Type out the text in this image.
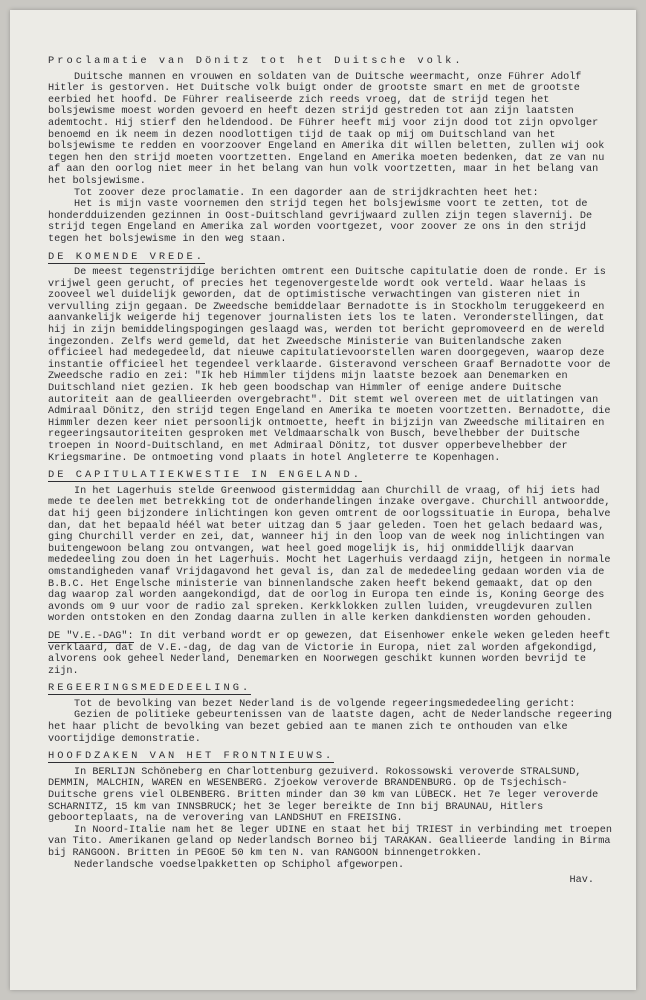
Proclamatie van Dönitz tot het Duitsche volk.

Duitsche mannen en vrouwen en soldaten van de Duitsche weermacht, onze Führer Adolf Hitler is gestorven. Het Duitsche volk buigt onder de grootste smart en met de grootste eerbied het hoofd. De Führer realiseerde zich reeds vroeg, dat de strijd tegen het bolsjewisme moest worden gevoerd en heeft dezen strijd gestreden tot aan zijn laatsten ademtocht. Hij stierf den heldendood. De Führer heeft mij voor zijn dood tot zijn opvolger benoemd en ik neem in dezen noodlottigen tijd de taak op mij om Duitschland van het bolsjewisme te redden en voorzoover Engeland en Amerika dit willen beletten, zullen wij ook tegen hen den strijd moeten voortzetten. Engeland en Amerika moeten bedenken, dat ze van nu af aan den oorlog niet meer in het belang van hun volk voortzetten, maar in het belang van het bolsjewisme.

Tot zoover deze proclamatie. In een dagorder aan de strijdkrachten heet het:

Het is mijn vaste voornemen den strijd tegen het bolsjewisme voort te zetten, tot de honderdduizenden gezinnen in Oost-Duitschland gevrijwaard zullen zijn tegen slavernij. De strijd tegen Engeland en Amerika zal worden voortgezet, voor zoover ze ons in den strijd tegen het bolsjewisme in den weg staan.

DE KOMENDE VREDE.

De meest tegenstrijdige berichten omtrent een Duitsche capitulatie doen de ronde. Er is vrijwel geen gerucht, of precies het tegenovergestelde wordt ook verteld. Waar helaas is zooveel wel duidelijk geworden, dat de optimistische verwachtingen van gisteren niet in vervulling zijn gegaan. De Zweedsche bemiddelaar Bernadotte is in Stockholm teruggekeerd en aanvankelijk weigerde hij tegenover journalisten iets los te laten. Veronderstellingen, dat hij in zijn bemiddelingspogingen geslaagd was, werden tot bericht gepromoveerd en de wereld ingezonden. Zelfs werd gemeld, dat het Zweedsche Ministerie van Buitenlandsche zaken officieel had medegedeeld, dat nieuwe capitulatievoorstellen waren doorgegeven, waarop deze instantie officieel het tegendeel verklaarde. Gisteravond verscheen Graaf Bernadotte voor de Zweedsche radio en zei: "Ik heb Himmler tijdens mijn laatste bezoek aan Denemarken en Duitschland niet gezien. Ik heb geen boodschap van Himmler of eenige andere Duitsche autoriteit aan de geallieerden overgebracht". Dit stemt wel overeen met de uitlatingen van Admiraal Dönitz, den strijd tegen Engeland en Amerika te moeten voortzetten. Bernadotte, die Himmler dezen keer niet persoonlijk ontmoette, heeft in bijzijn van Zweedsche militairen en regeeringsautoriteiten gesproken met Veldmaarschalk von Busch, bevelhebber der Duitsche troepen in Noord-Duitschland, en met Admiraal Dönitz, tot dusver opperbevelhebber der Kriegsmarine. De ontmoeting vond plaats in hotel Angleterre te Kopenhagen.

DE CAPITULATIEKWESTIE IN ENGELAND.

In het Lagerhuis stelde Greenwood gistermiddag aan Churchill de vraag, of hij iets had mede te deelen met betrekking tot de onderhandelingen inzake overgave. Churchill antwoordde, dat hij geen bijzondere inlichtingen kon geven omtrent de oorlogssituatie in Europa, behalve dan, dat het bepaald héél wat beter uitzag dan 5 jaar geleden. Toen het gelach bedaard was, ging Churchill verder en zei, dat, wanneer hij in den loop van de week nog inlichtingen van buitengewoon belang zou ontvangen, wat heel goed mogelijk is, hij onmiddellijk daarvan mededeeling zou doen in het Lagerhuis. Mocht het Lagerhuis verdaagd zijn, hetgeen in normale omstandigheden vanaf Vrijdagavond het geval is, dan zal de mededeeling gedaan worden via de B.B.C. Het Engelsche ministerie van binnenlandsche zaken heeft bekend gemaakt, dat op den dag waarop zal worden aangekondigd, dat de oorlog in Europa ten einde is, Koning George des avonds om 9 uur voor de radio zal spreken. Kerkklokken zullen luiden, vreugdevuren zullen worden ontstoken en den Zondag daarna zullen in alle kerken dankdiensten worden gehouden.

DE "V.E.-DAG": In dit verband wordt er op gewezen, dat Eisenhower enkele weken geleden heeft verklaard, dat de V.E.-dag, de dag van de Victorie in Europa, niet zal worden afgekondigd, alvorens ook geheel Nederland, Denemarken en Noorwegen geschikt kunnen worden bevrijd te zijn.

REGEERINGSMEDEDEELING.

Tot de bevolking van bezet Nederland is de volgende regeeringsmededeeling gericht:

Gezien de politieke gebeurtenissen van de laatste dagen, acht de Nederlandsche regeering het haar plicht de bevolking van bezet gebied aan te manen zich te onthouden van elke voortijdige demonstratie.

HOOFDZAKEN VAN HET FRONTNIEUWS.

In BERLIJN Schöneberg en Charlottenburg gezuiverd. Rokossowski veroverde STRALSUND, DEMMIN, MALCHIN, WAREN en WESENBERG. Zjoekow veroverde BRANDENBURG. Op de Tsjechisch-Duitsche grens viel OLBENBERG. Britten minder dan 30 km van LÜBECK. Het 7e leger veroverde SCHARNITZ, 15 km van INNSBRUCK; het 3e leger bereikte de Inn bij BRAUNAU, Hitlers geboorteplaats, na de verovering van LANDSHUT en FREISING.

In Noord-Italie nam het 8e leger UDINE en staat het bij TRIEST in verbinding met troepen van Tito. Amerikanen geland op Nederlandsch Borneo bij TARAKAN. Geallieerde landing in Birma bij RANGOON. Britten in PEGOE 50 km ten N. van RANGOON binnengetrokken.

Nederlandsche voedselpakketten op Schiphol afgeworpen.

Hav.
